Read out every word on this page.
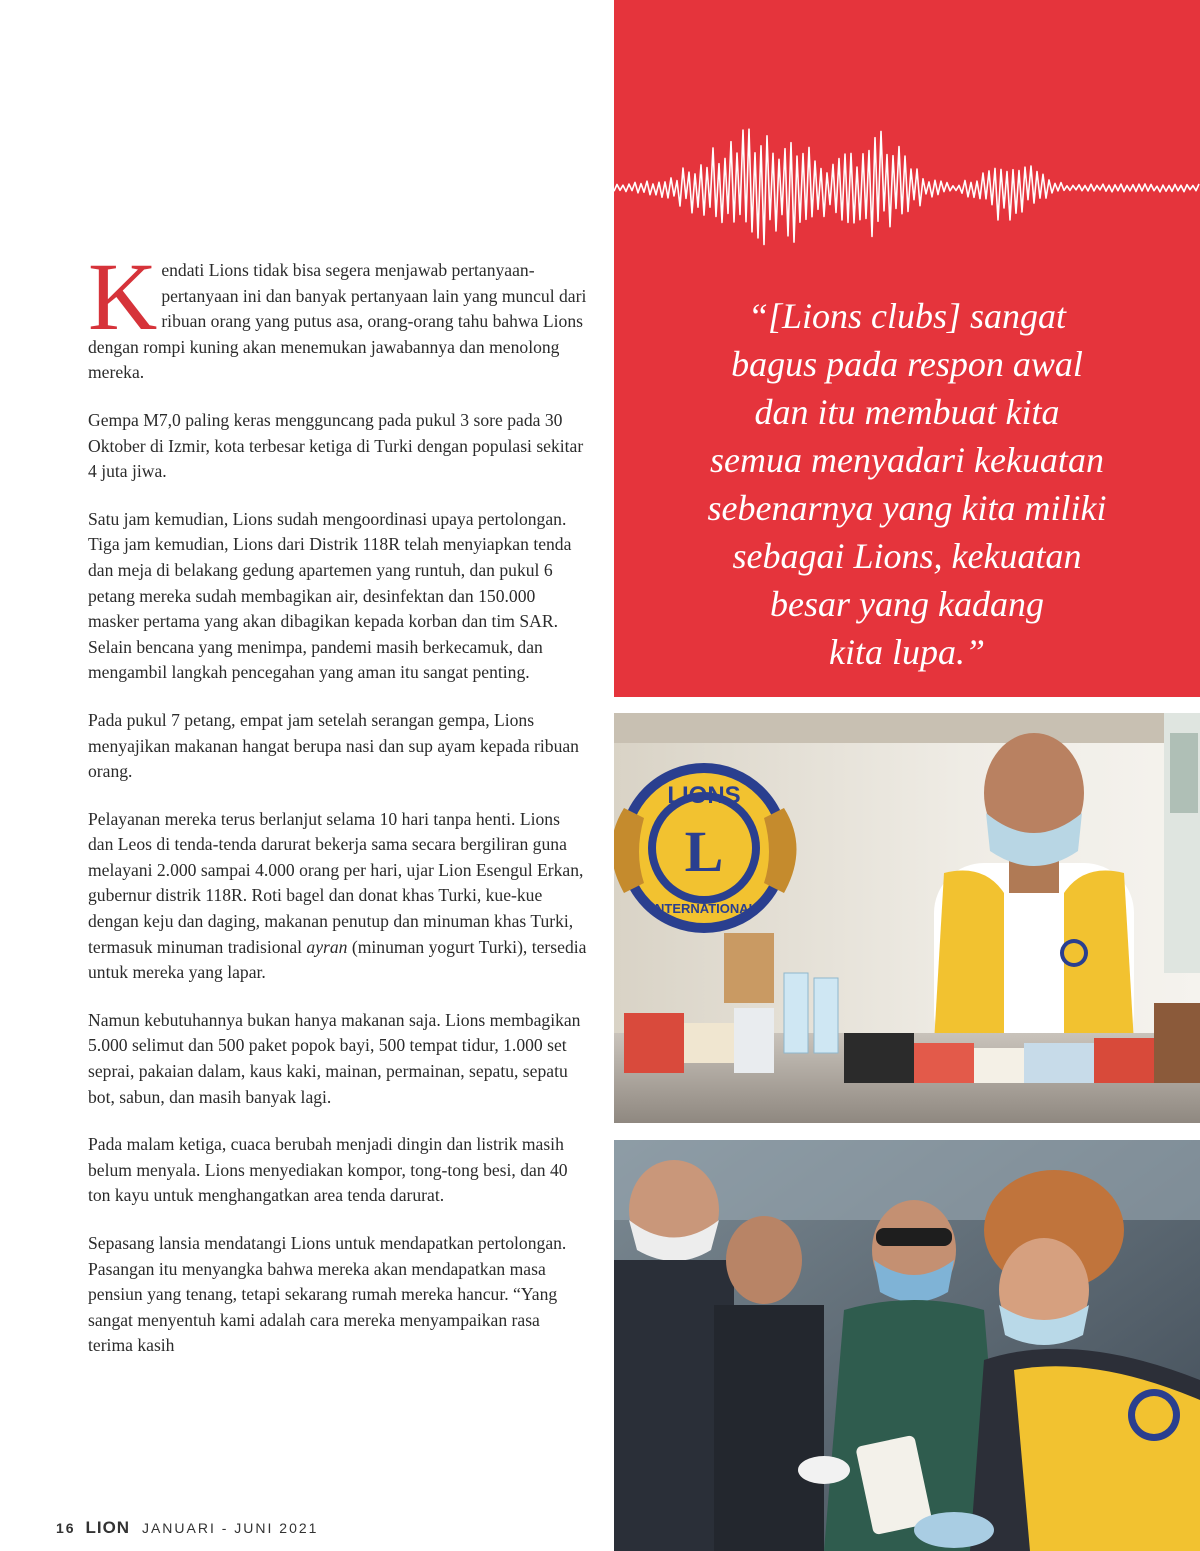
Kendati Lions tidak bisa segera menjawab pertanyaan-pertanyaan ini dan banyak pertanyaan lain yang muncul dari ribuan orang yang putus asa, orang-orang tahu bahwa Lions dengan rompi kuning akan menemukan jawabannya dan menolong mereka.

Gempa M7,0 paling keras mengguncang pada pukul 3 sore pada 30 Oktober di Izmir, kota terbesar ketiga di Turki dengan populasi sekitar 4 juta jiwa.

Satu jam kemudian, Lions sudah mengoordinasi upaya pertolongan. Tiga jam kemudian, Lions dari Distrik 118R telah menyiapkan tenda dan meja di belakang gedung apartemen yang runtuh, dan pukul 6 petang mereka sudah membagikan air, desinfektan dan 150.000 masker pertama yang akan dibagikan kepada korban dan tim SAR. Selain bencana yang menimpa, pandemi masih berkecamuk, dan mengambil langkah pencegahan yang aman itu sangat penting.

Pada pukul 7 petang, empat jam setelah serangan gempa, Lions menyajikan makanan hangat berupa nasi dan sup ayam kepada ribuan orang.

Pelayanan mereka terus berlanjut selama 10 hari tanpa henti. Lions dan Leos di tenda-tenda darurat bekerja sama secara bergiliran guna melayani 2.000 sampai 4.000 orang per hari, ujar Lion Esengul Erkan, gubernur distrik 118R. Roti bagel dan donat khas Turki, kue-kue dengan keju dan daging, makanan penutup dan minuman khas Turki, termasuk minuman tradisional ayran (minuman yogurt Turki), tersedia untuk mereka yang lapar.

Namun kebutuhannya bukan hanya makanan saja. Lions membagikan 5.000 selimut dan 500 paket popok bayi, 500 tempat tidur, 1.000 set seprai, pakaian dalam, kaus kaki, mainan, permainan, sepatu, sepatu bot, sabun, dan masih banyak lagi.

Pada malam ketiga, cuaca berubah menjadi dingin dan listrik masih belum menyala. Lions menyediakan kompor, tong-tong besi, dan 40 ton kayu untuk menghangatkan area tenda darurat.

Sepasang lansia mendatangi Lions untuk mendapatkan pertolongan. Pasangan itu menyangka bahwa mereka akan mendapatkan masa pensiun yang tenang, tetapi sekarang rumah mereka hancur. “Yang sangat menyentuh kami adalah cara mereka menyampaikan rasa terima kasih

16 LION JANUARI - JUNI 2021
“[Lions clubs] sangat
bagus pada respon awal
dan itu membuat kita
semua menyadari kekuatan
sebenarnya yang kita miliki
sebagai Lions, kekuatan
besar yang kadang
kita lupa.”
LIONS
L
INTERNATIONAL
